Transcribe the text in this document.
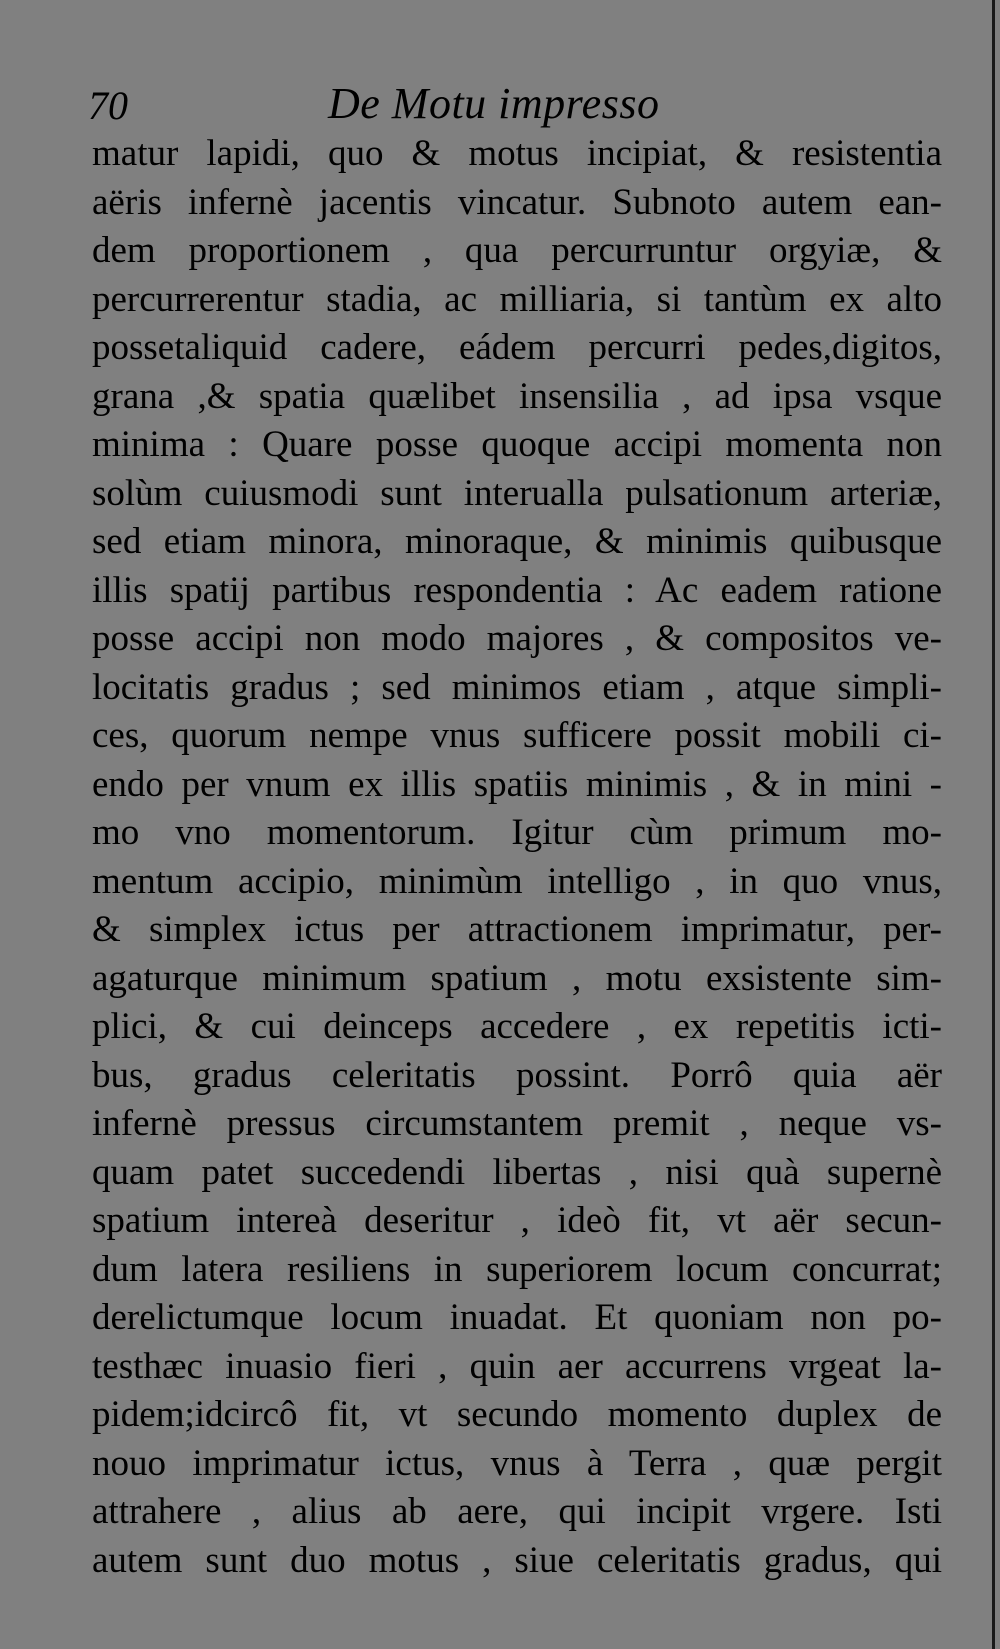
70	De Motu impresso
matur lapidi, quo & motus incipiat, & resistentia
aëris infernè jacentis vincatur. Subnoto autem ean-
dem proportionem , qua percurruntur orgyiæ, &
percurrerentur stadia, ac milliaria, si tantùm ex alto
possetaliquid cadere, eádem percurri pedes,digitos,
grana ,& spatia quælibet insensilia , ad ipsa vsque
minima : Quare posse quoque accipi momenta non
solùm cuiusmodi sunt interualla pulsationum arteriæ,
sed etiam minora, minoraque, & minimis quibusque
illis spatij partibus respondentia : Ac eadem ratione
posse accipi non modo majores , & compositos ve-
locitatis gradus ; sed minimos etiam , atque simpli-
ces, quorum nempe vnus sufficere possit mobili ci-
endo per vnum ex illis spatiis minimis , & in mini -
mo vno momentorum. Igitur cùm primum mo-
mentum accipio, minimùm intelligo , in quo vnus,
& simplex ictus per attractionem imprimatur, per-
agaturque minimum spatium , motu exsistente sim-
plici, & cui deinceps accedere , ex repetitis icti-
bus, gradus celeritatis possint. Porrô quia aër
infernè pressus circumstantem premit , neque vs-
quam patet succedendi libertas , nisi quà supernè
spatium intereà deseritur , ideò fit, vt aër secun-
dum latera resiliens in superiorem locum concurrat;
derelictumque locum inuadat. Et quoniam non po-
testhæc inuasio fieri , quin aer accurrens vrgeat la-
pidem;idcircô fit, vt secundo momento duplex de
nouo imprimatur ictus, vnus à Terra , quæ pergit
attrahere , alius ab aere, qui incipit vrgere. Isti
autem sunt duo motus , siue celeritatis gradus, qui
